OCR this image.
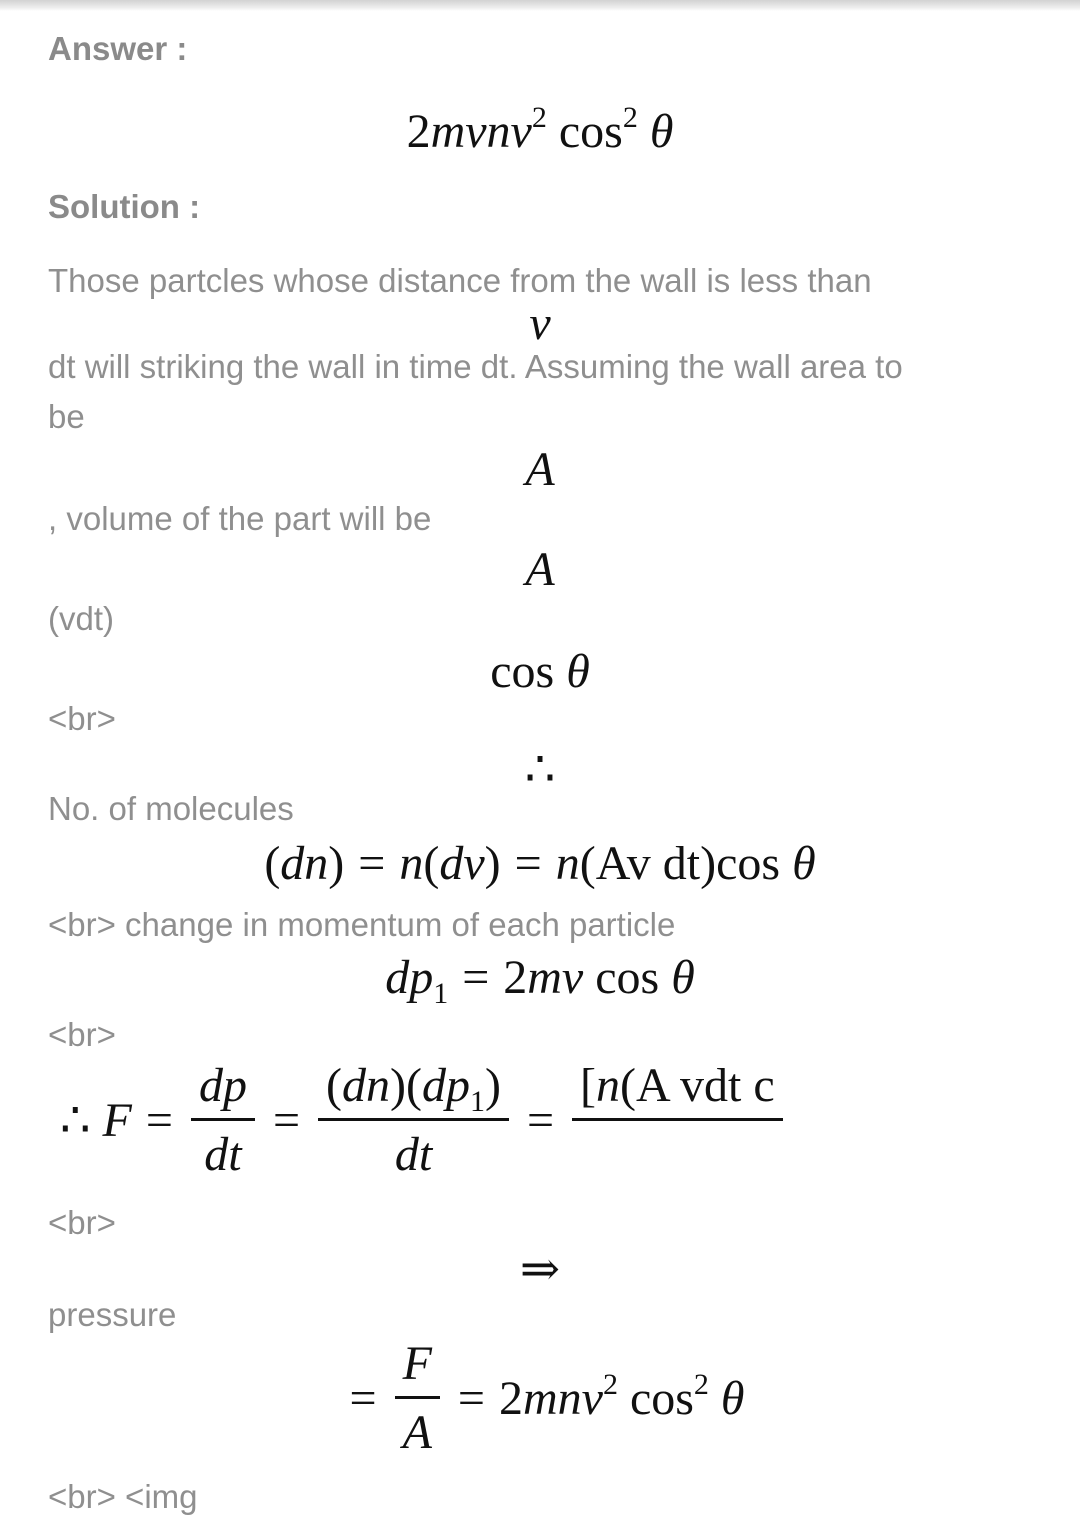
Answer :
2mvnv$^2$ $\cos^2 \theta$
Solution :
Those partcles whose distance from the wall is less than
v
dt will striking the wall in time dt. Assuming the wall area to
be
A
, volume of the part will be
A
(vdt)
cos θ
<br>
∴
No. of molecules
(dn) = n(dv) = n(Av dt)cos θ
<br> change in momentum of each particle
$dp_1 = 2mv$ cos θ
<br>
∴ $F = \frac{dp}{dt} = \frac{(dn)(dp_1)}{dt}$ =
[n(A vdt c

<br>
⇒
pressure
= $\frac{F}{A} = 2mnv^2$ $\cos^2 \theta$
<br> <img
